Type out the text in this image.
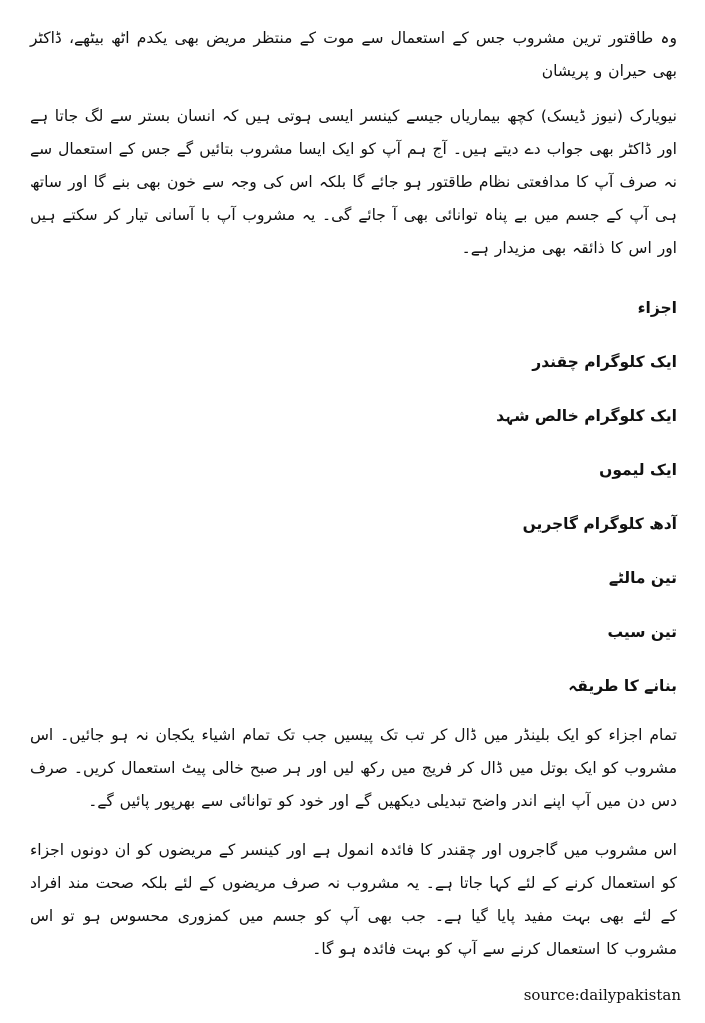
وہ طاقتور ترین مشروب جس کے استعمال سے موت کے منتظر مریض بھی یکدم اٹھ بیٹھے، ڈاکٹر بھی حیران و پریشان

نیویارک (نیوز ڈیسک) کچھ بیماریاں جیسے کینسر ایسی ہوتی ہیں کہ انسان بستر سے لگ جاتا ہے اور ڈاکٹر بھی جواب دے دیتے ہیں۔ آج ہم آپ کو ایک ایسا مشروب بتائیں گے جس کے استعمال سے نہ صرف آپ کا مدافعتی نظام طاقتور ہو جائے گا بلکہ اس کی وجہ سے خون بھی بنے گا اور ساتھ ہی آپ کے جسم میں بے پناہ توانائی بھی آ جائے گی۔ یہ مشروب آپ با آسانی تیار کر سکتے ہیں اور اس کا ذائقہ بھی مزیدار ہے۔

اجزاء
ایک کلوگرام چقندر
ایک کلوگرام خالص شہد
ایک لیموں
آدھ کلوگرام گاجریں
تین مالٹے
تین سیب
بنانے کا طریقہ

تمام اجزاء کو ایک بلینڈر میں ڈال کر تب تک پیسیں جب تک تمام اشیاء یکجان نہ ہو جائیں۔ اس مشروب کو ایک بوتل میں ڈال کر فریج میں رکھ لیں اور ہر صبح خالی پیٹ استعمال کریں۔ صرف دس دن میں آپ اپنے اندر واضح تبدیلی دیکھیں گے اور خود کو توانائی سے بھرپور پائیں گے۔

اس مشروب میں گاجروں اور چقندر کا فائدہ انمول ہے اور کینسر کے مریضوں کو ان دونوں اجزاء کو استعمال کرنے کے لئے کہا جاتا ہے۔ یہ مشروب نہ صرف مریضوں کے لئے بلکہ صحت مند افراد کے لئے بھی بہت مفید پایا گیا ہے۔ جب بھی آپ کو جسم میں کمزوری محسوس ہو تو اس مشروب کا استعمال کرنے سے آپ کو بہت فائدہ ہو گا۔

source:dailypakistan
